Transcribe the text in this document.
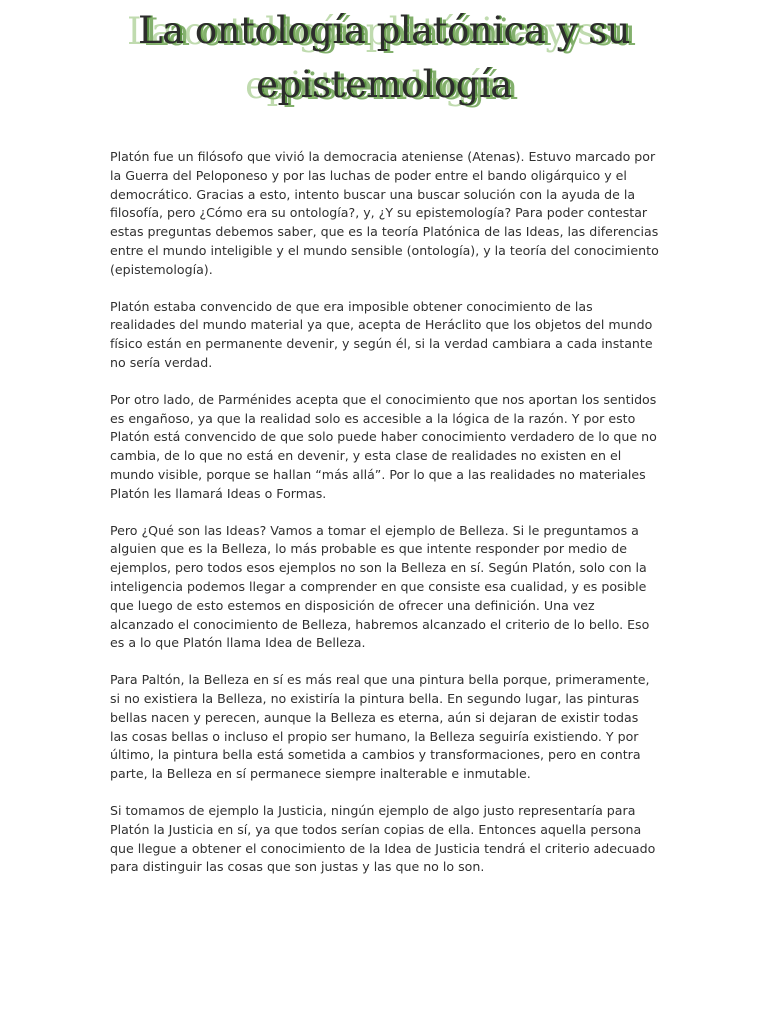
La ontología platónica y su epistemología

Platón fue un filósofo que vivió la democracia ateniense (Atenas). Estuvo marcado por la Guerra del Peloponeso y por las luchas de poder entre el bando oligárquico y el democrático. Gracias a esto, intento buscar una buscar solución con la ayuda de la filosofía, pero ¿Cómo era su ontología?, y, ¿Y su epistemología? Para poder contestar estas preguntas debemos saber, que es la teoría Platónica de las Ideas, las diferencias entre el mundo inteligible y el mundo sensible (ontología), y la teoría del conocimiento (epistemología).

Platón estaba convencido de que era imposible obtener conocimiento de las realidades del mundo material ya que, acepta de Heráclito que los objetos del mundo físico están en permanente devenir, y según él, si la verdad cambiara a cada instante no sería verdad.

Por otro lado, de Parménides acepta que el conocimiento que nos aportan los sentidos es engañoso, ya que la realidad solo es accesible a la lógica de la razón. Y por esto Platón está convencido de que solo puede haber conocimiento verdadero de lo que no cambia, de lo que no está en devenir, y esta clase de realidades no existen en el mundo visible, porque se hallan “más allá”. Por lo que a las realidades no materiales Platón les llamará Ideas o Formas.

Pero ¿Qué son las Ideas? Vamos a tomar el ejemplo de Belleza. Si le preguntamos a alguien que es la Belleza, lo más probable es que intente responder por medio de ejemplos, pero todos esos ejemplos no son la Belleza en sí. Según Platón, solo con la inteligencia podemos llegar a comprender en que consiste esa cualidad, y es posible que luego de esto estemos en disposición de ofrecer una definición. Una vez alcanzado el conocimiento de Belleza, habremos alcanzado el criterio de lo bello. Eso es a lo que Platón llama Idea de Belleza.

Para Paltón, la Belleza en sí es más real que una pintura bella porque, primeramente, si no existiera la Belleza, no existiría la pintura bella. En segundo lugar, las pinturas bellas nacen y perecen, aunque la Belleza es eterna, aún si dejaran de existir todas las cosas bellas o incluso el propio ser humano, la Belleza seguiría existiendo. Y por último, la pintura bella está sometida a cambios y transformaciones, pero en contra parte, la Belleza en sí permanece siempre inalterable e inmutable.

Si tomamos de ejemplo la Justicia, ningún ejemplo de algo justo representaría para Platón la Justicia en sí, ya que todos serían copias de ella. Entonces aquella persona que llegue a obtener el conocimiento de la Idea de Justicia tendrá el criterio adecuado para distinguir las cosas que son justas y las que no lo son.
